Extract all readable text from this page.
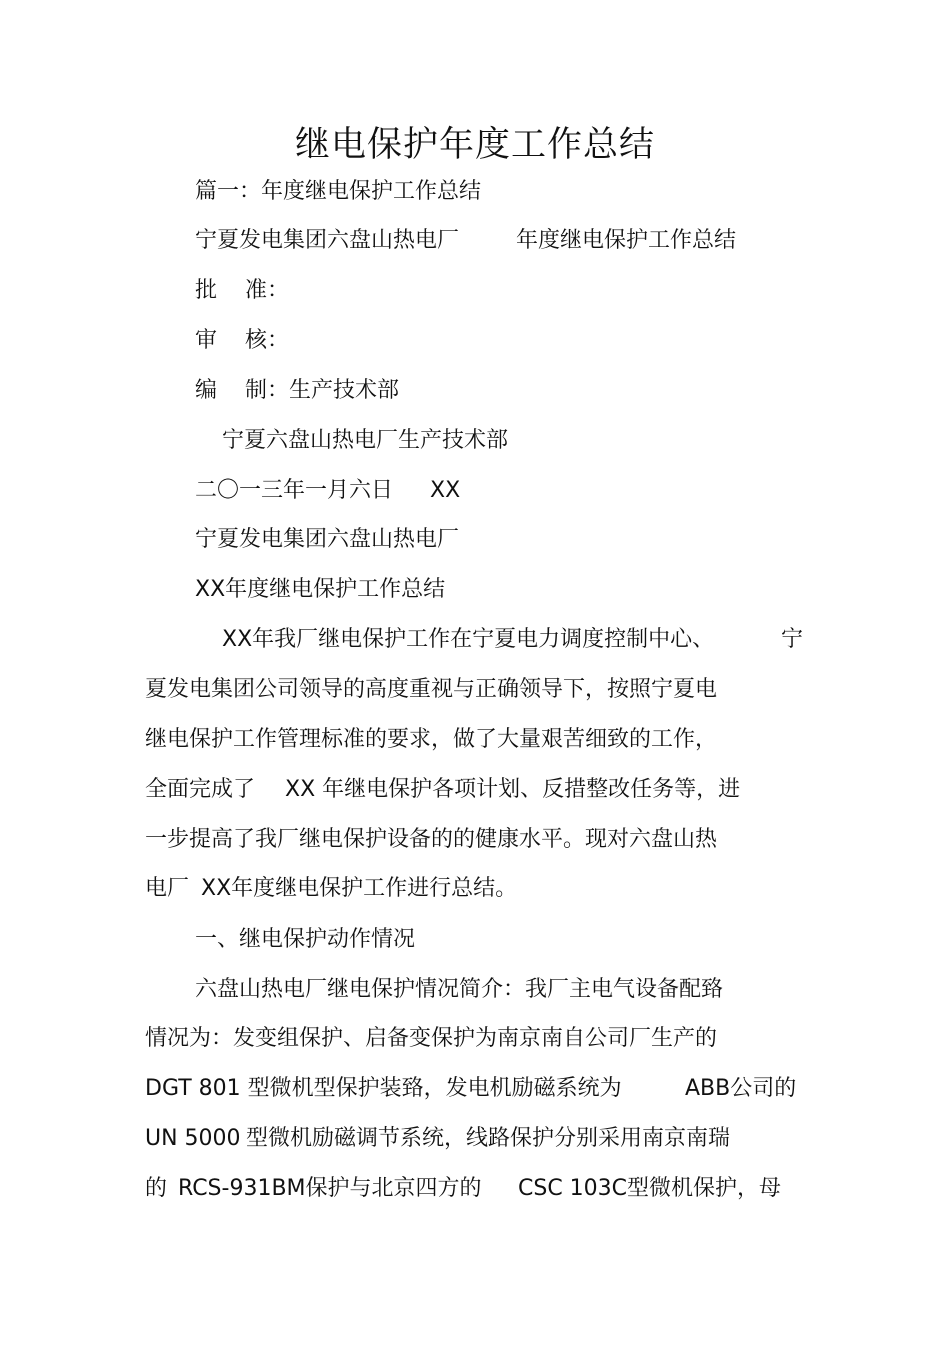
继电保护年度工作总结
篇一：年度继电保护工作总结
宁夏发电集团六盘山热电厂	年度继电保护工作总结
批 准：
审 核：
编 制：生产技术部
宁夏六盘山热电厂生产技术部
二〇一三年一月六日 XX
宁夏发电集团六盘山热电厂
XX年度继电保护工作总结
XX年我厂继电保护工作在宁夏电力调度控制中心、	宁
夏发电集团公司领导的高度重视与正确领导下，按照宁夏电
继电保护工作管理标准的要求，做了大量艰苦细致的工作，
全面完成了 XX 年继电保护各项计划、反措整改任务等，进
一步提高了我厂继电保护设备的的健康水平。现对六盘山热
电厂 XX年度继电保护工作进行总结。
一、继电保护动作情况
六盘山热电厂继电保护情况简介：我厂主电气设备配臵
情况为：发变组保护、启备变保护为南京南自公司厂生产的
DGT 801 型微机型保护装臵，发电机励磁系统为	ABB公司的
UN 5000 型微机励磁调节系统，线路保护分别采用南京南瑞
的 RCS-931BM保护与北京四方的 CSC 103C型微机保护，母
